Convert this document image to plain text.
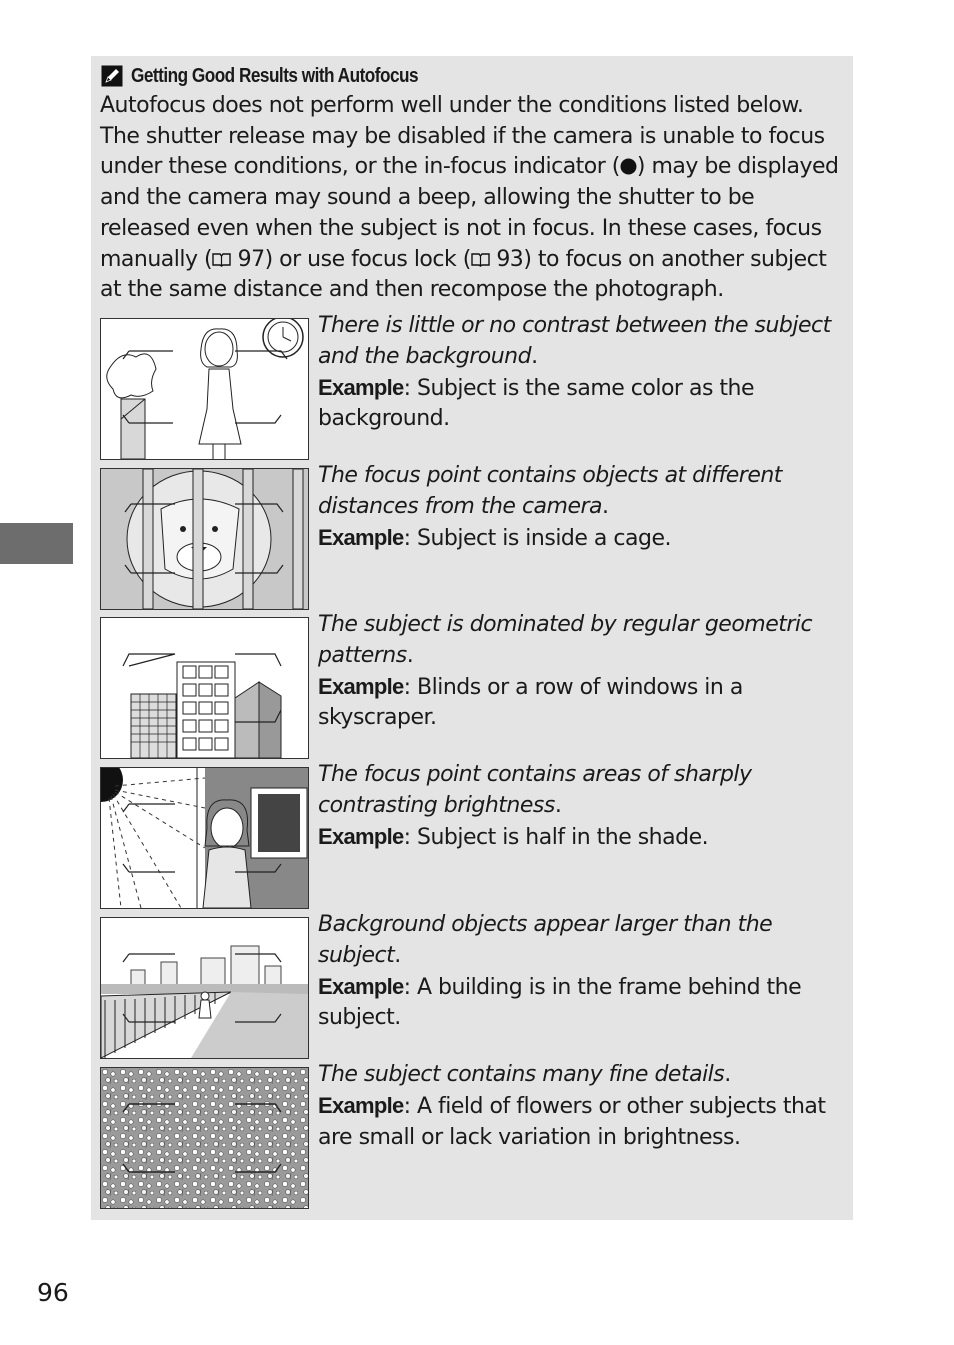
Getting Good Results with Autofocus

Autofocus does not perform well under the conditions listed below. The shutter release may be disabled if the camera is unable to focus under these conditions, or the in-focus indicator ( ) may be displayed and the camera may sound a beep, allowing the shutter to be released even when the subject is not in focus. In these cases, focus manually ( 97) or use focus lock ( 93) to focus on another subject at the same distance and then recompose the photograph.

There is little or no contrast between the subject and the background.
Example: Subject is the same color as the background.
The focus point contains objects at different distances from the camera.
Example: Subject is inside a cage.
The subject is dominated by regular geometric patterns.
Example: Blinds or a row of windows in a skyscraper.
The focus point contains areas of sharply contrasting brightness.
Example: Subject is half in the shade.
Background objects appear larger than the subject.
Example: A building is in the frame behind the subject.
The subject contains many fine details.
Example: A field of flowers or other subjects that are small or lack variation in brightness.
96
